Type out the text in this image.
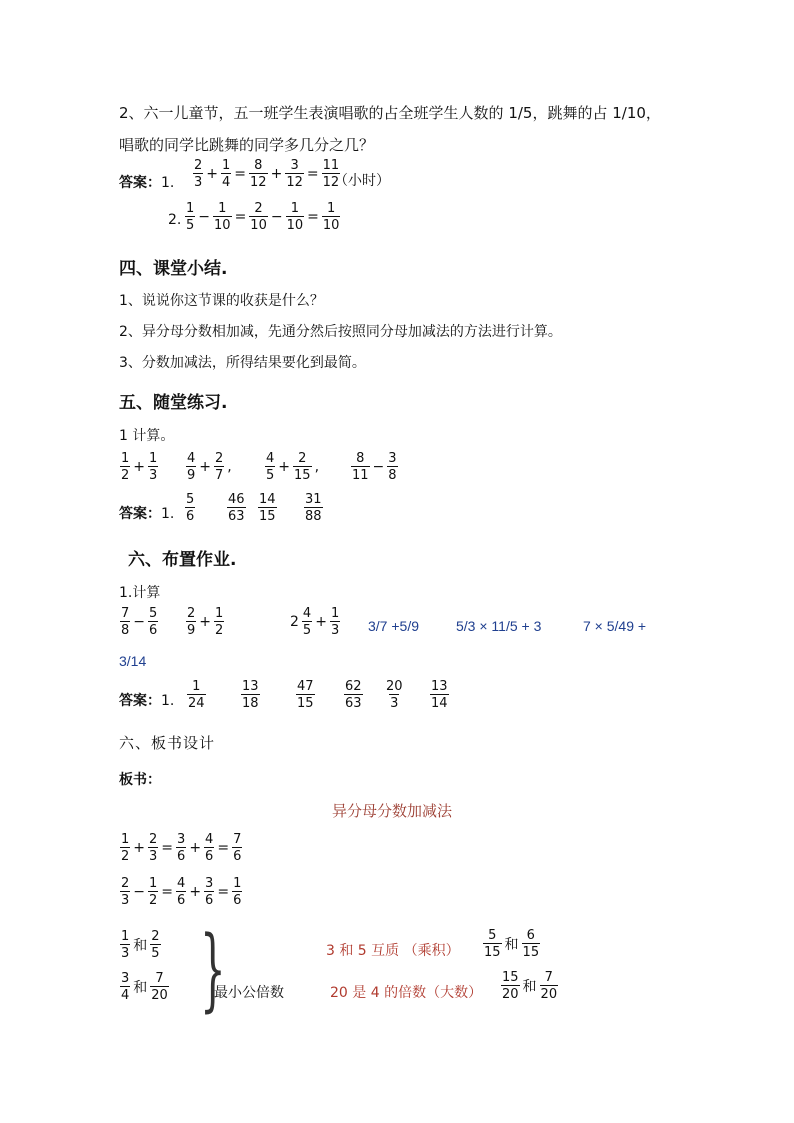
2、六一儿童节，五一班学生表演唱歌的占全班学生人数的 1/5，跳舞的占 1/10，
唱歌的同学比跳舞的同学多几分之几？
答案：1. $\frac{2}{3} + \frac{1}{4} = \frac{8}{12} + \frac{3}{12} = \frac{11}{12}$
（小时）
2. $\frac{1}{5} - \frac{1}{10} = \frac{2}{10} - \frac{1}{10} = \frac{1}{10}$
四、课堂小结.
1、说说你这节课的收获是什么？
2、异分母分数相加减，先通分然后按照同分母加减法的方法进行计算。
3、分数加减法，所得结果要化到最简。
五、随堂练习.
1 计算。
$\frac{1}{2} + \frac{1}{3} \frac{4}{9} + \frac{2}{7}$ ,	$\frac{4}{5} + \frac{2}{15}$ , $\frac{8}{11} - \frac{3}{8}$
答案：1. $\frac{5}{6} \frac{46}{63} \frac{14}{15} \frac{31}{88}$
六、布置作业.
1.计算
$\frac{7}{8} - \frac{5}{6} \frac{2}{9} + \frac{1}{2}$	$2 \frac{4}{5} + \frac{1}{3} 3/7 +5/9$	5/3 × 11/5 + 3	7 × 5/49 +
3/14
答案：1. $\frac{1}{24}$	$\frac{13}{18}$	$\frac{47}{15} \frac{62}{63} \frac{20}{3} \frac{13}{14}$
六、板书设计
板书：
异分母分数加减法
$\frac{1}{2} + \frac{2}{3} = \frac{3}{6} + \frac{4}{6} = \frac{7}{6}$
$\frac{2}{3} - \frac{1}{2} = \frac{4}{6} + \frac{3}{6} = \frac{1}{6}$
$\frac{1}{3}$ 和 $\frac{2}{5}$
$\frac{3}{4}$ 和 $\frac{7}{20}$ }
最小公倍数
3 和 5 互质 （乘积）
20 是 4 的倍数（大数）
$\frac{5}{15}$ 和 $\frac{6}{15}$
$\frac{15}{20}$ 和 $\frac{7}{20}$
